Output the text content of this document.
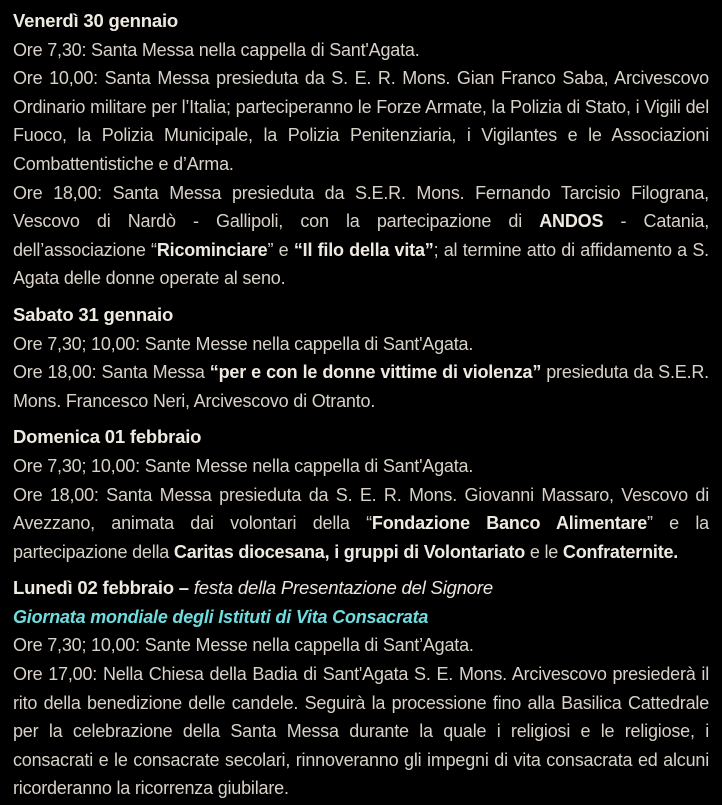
Venerdì 30 gennaio

Ore 7,30: Santa Messa nella cappella di Sant'Agata.

Ore 10,00: Santa Messa presieduta da S. E. R. Mons. Gian Franco Saba, Arcivescovo Ordinario militare per l’Italia; parteciperanno le Forze Armate, la Polizia di Stato, i Vigili del Fuoco, la Polizia Municipale, la Polizia Penitenziaria, i Vigilantes e le Associazioni Combattentistiche e d’Arma.

Ore 18,00: Santa Messa presieduta da S.E.R. Mons. Fernando Tarcisio Filograna, Vescovo di Nardò - Gallipoli, con la partecipazione di ANDOS - Catania, dell’associazione “Ricominciare” e “Il filo della vita”; al termine atto di affidamento a S. Agata delle donne operate al seno.

Sabato 31 gennaio

Ore 7,30; 10,00: Sante Messe nella cappella di Sant'Agata.

Ore 18,00: Santa Messa “per e con le donne vittime di violenza” presieduta da S.E.R. Mons. Francesco Neri, Arcivescovo di Otranto.

Domenica 01 febbraio

Ore 7,30; 10,00: Sante Messe nella cappella di Sant'Agata.

Ore 18,00: Santa Messa presieduta da S. E. R. Mons. Giovanni Massaro, Vescovo di Avezzano, animata dai volontari della “Fondazione Banco Alimentare” e la partecipazione della Caritas diocesana, i gruppi di Volontariato e le Confraternite.

Lunedì 02 febbraio – festa della Presentazione del Signore

Giornata mondiale degli Istituti di Vita Consacrata

Ore 7,30; 10,00: Sante Messe nella cappella di Sant’Agata.

Ore 17,00: Nella Chiesa della Badia di Sant'Agata S. E. Mons. Arcivescovo presiederà il rito della benedizione delle candele. Seguirà la processione fino alla Basilica Cattedrale per la celebrazione della Santa Messa durante la quale i religiosi e le religiose, i consacrati e le consacrate secolari, rinnoveranno gli impegni di vita consacrata ed alcuni ricorderanno la ricorrenza giubilare.
